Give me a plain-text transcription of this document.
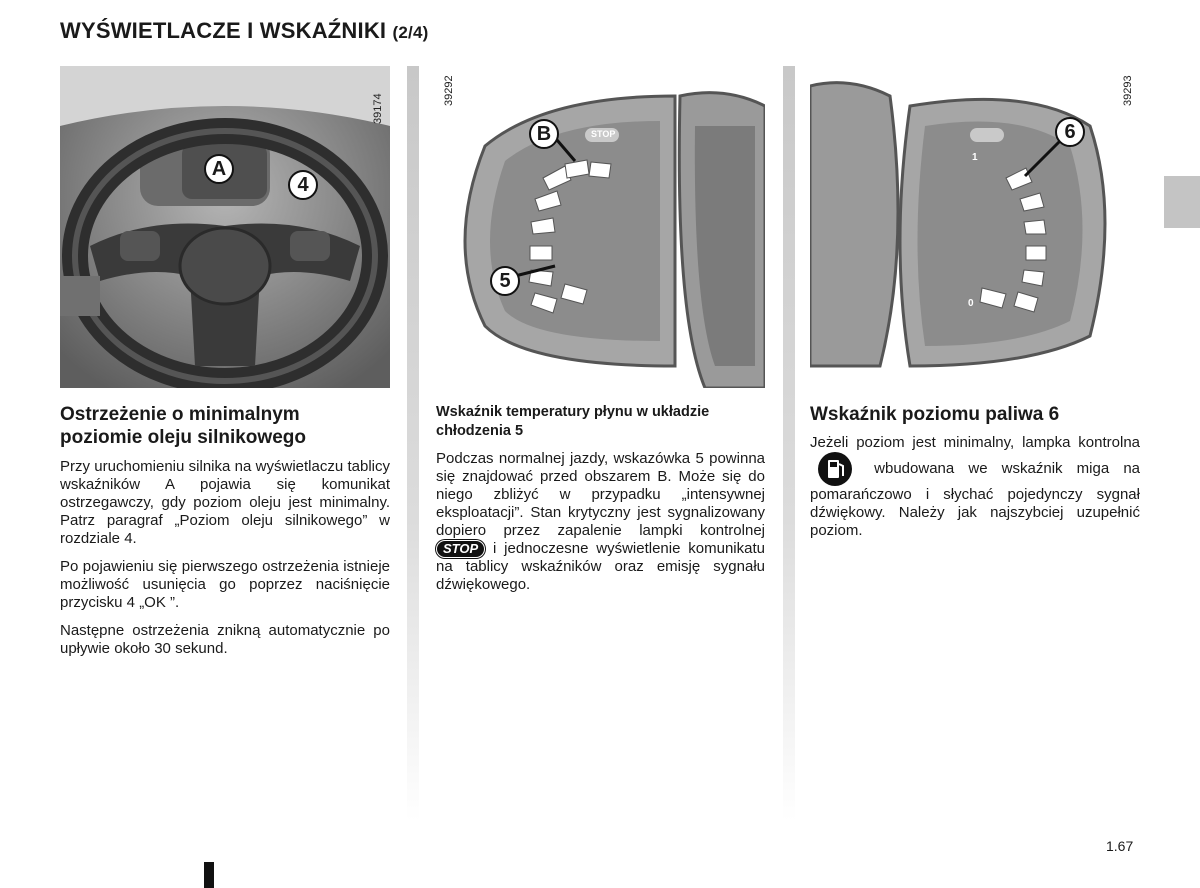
WYŚWIETLACZE I WSKAŹNIKI (2/4)
39174
A
4
39292
STOP
B
5
39293
1
0
6
Ostrzeżenie o minimalnym
poziomie oleju silnikowego

Przy uruchomieniu silnika na wyświetlaczu tablicy wskaźników A pojawia się komunikat ostrzegawczy, gdy poziom oleju jest minimalny. Patrz paragraf „Poziom oleju silnikowego” w rozdziale 4.

Po pojawieniu się pierwszego ostrzeżenia istnieje możliwość usunięcia go poprzez naciśnięcie przycisku 4 „OK ”.

Następne ostrzeżenia znikną automatycznie po upływie około 30 sekund.

Wskaźnik temperatury płynu w układzie chłodzenia 5

Podczas normalnej jazdy, wskazówka 5 powinna się znajdować przed obszarem B. Może się do niego zbliżyć w przypadku „intensywnej eksploatacji”. Stan krytyczny jest sygnalizowany dopiero przez zapalenie lampki kontrolnej STOP i jednoczesne wyświetlenie komunikatu na tablicy wskaźników oraz emisję sygnału dźwiękowego.

Wskaźnik poziomu paliwa 6

Jeżeli poziom jest minimalny, lampka kontrolna  wbudowana we wskaźnik miga na pomarańczowo i słychać pojedynczy sygnał dźwiękowy. Należy jak najszybciej uzupełnić poziom.

1.67
